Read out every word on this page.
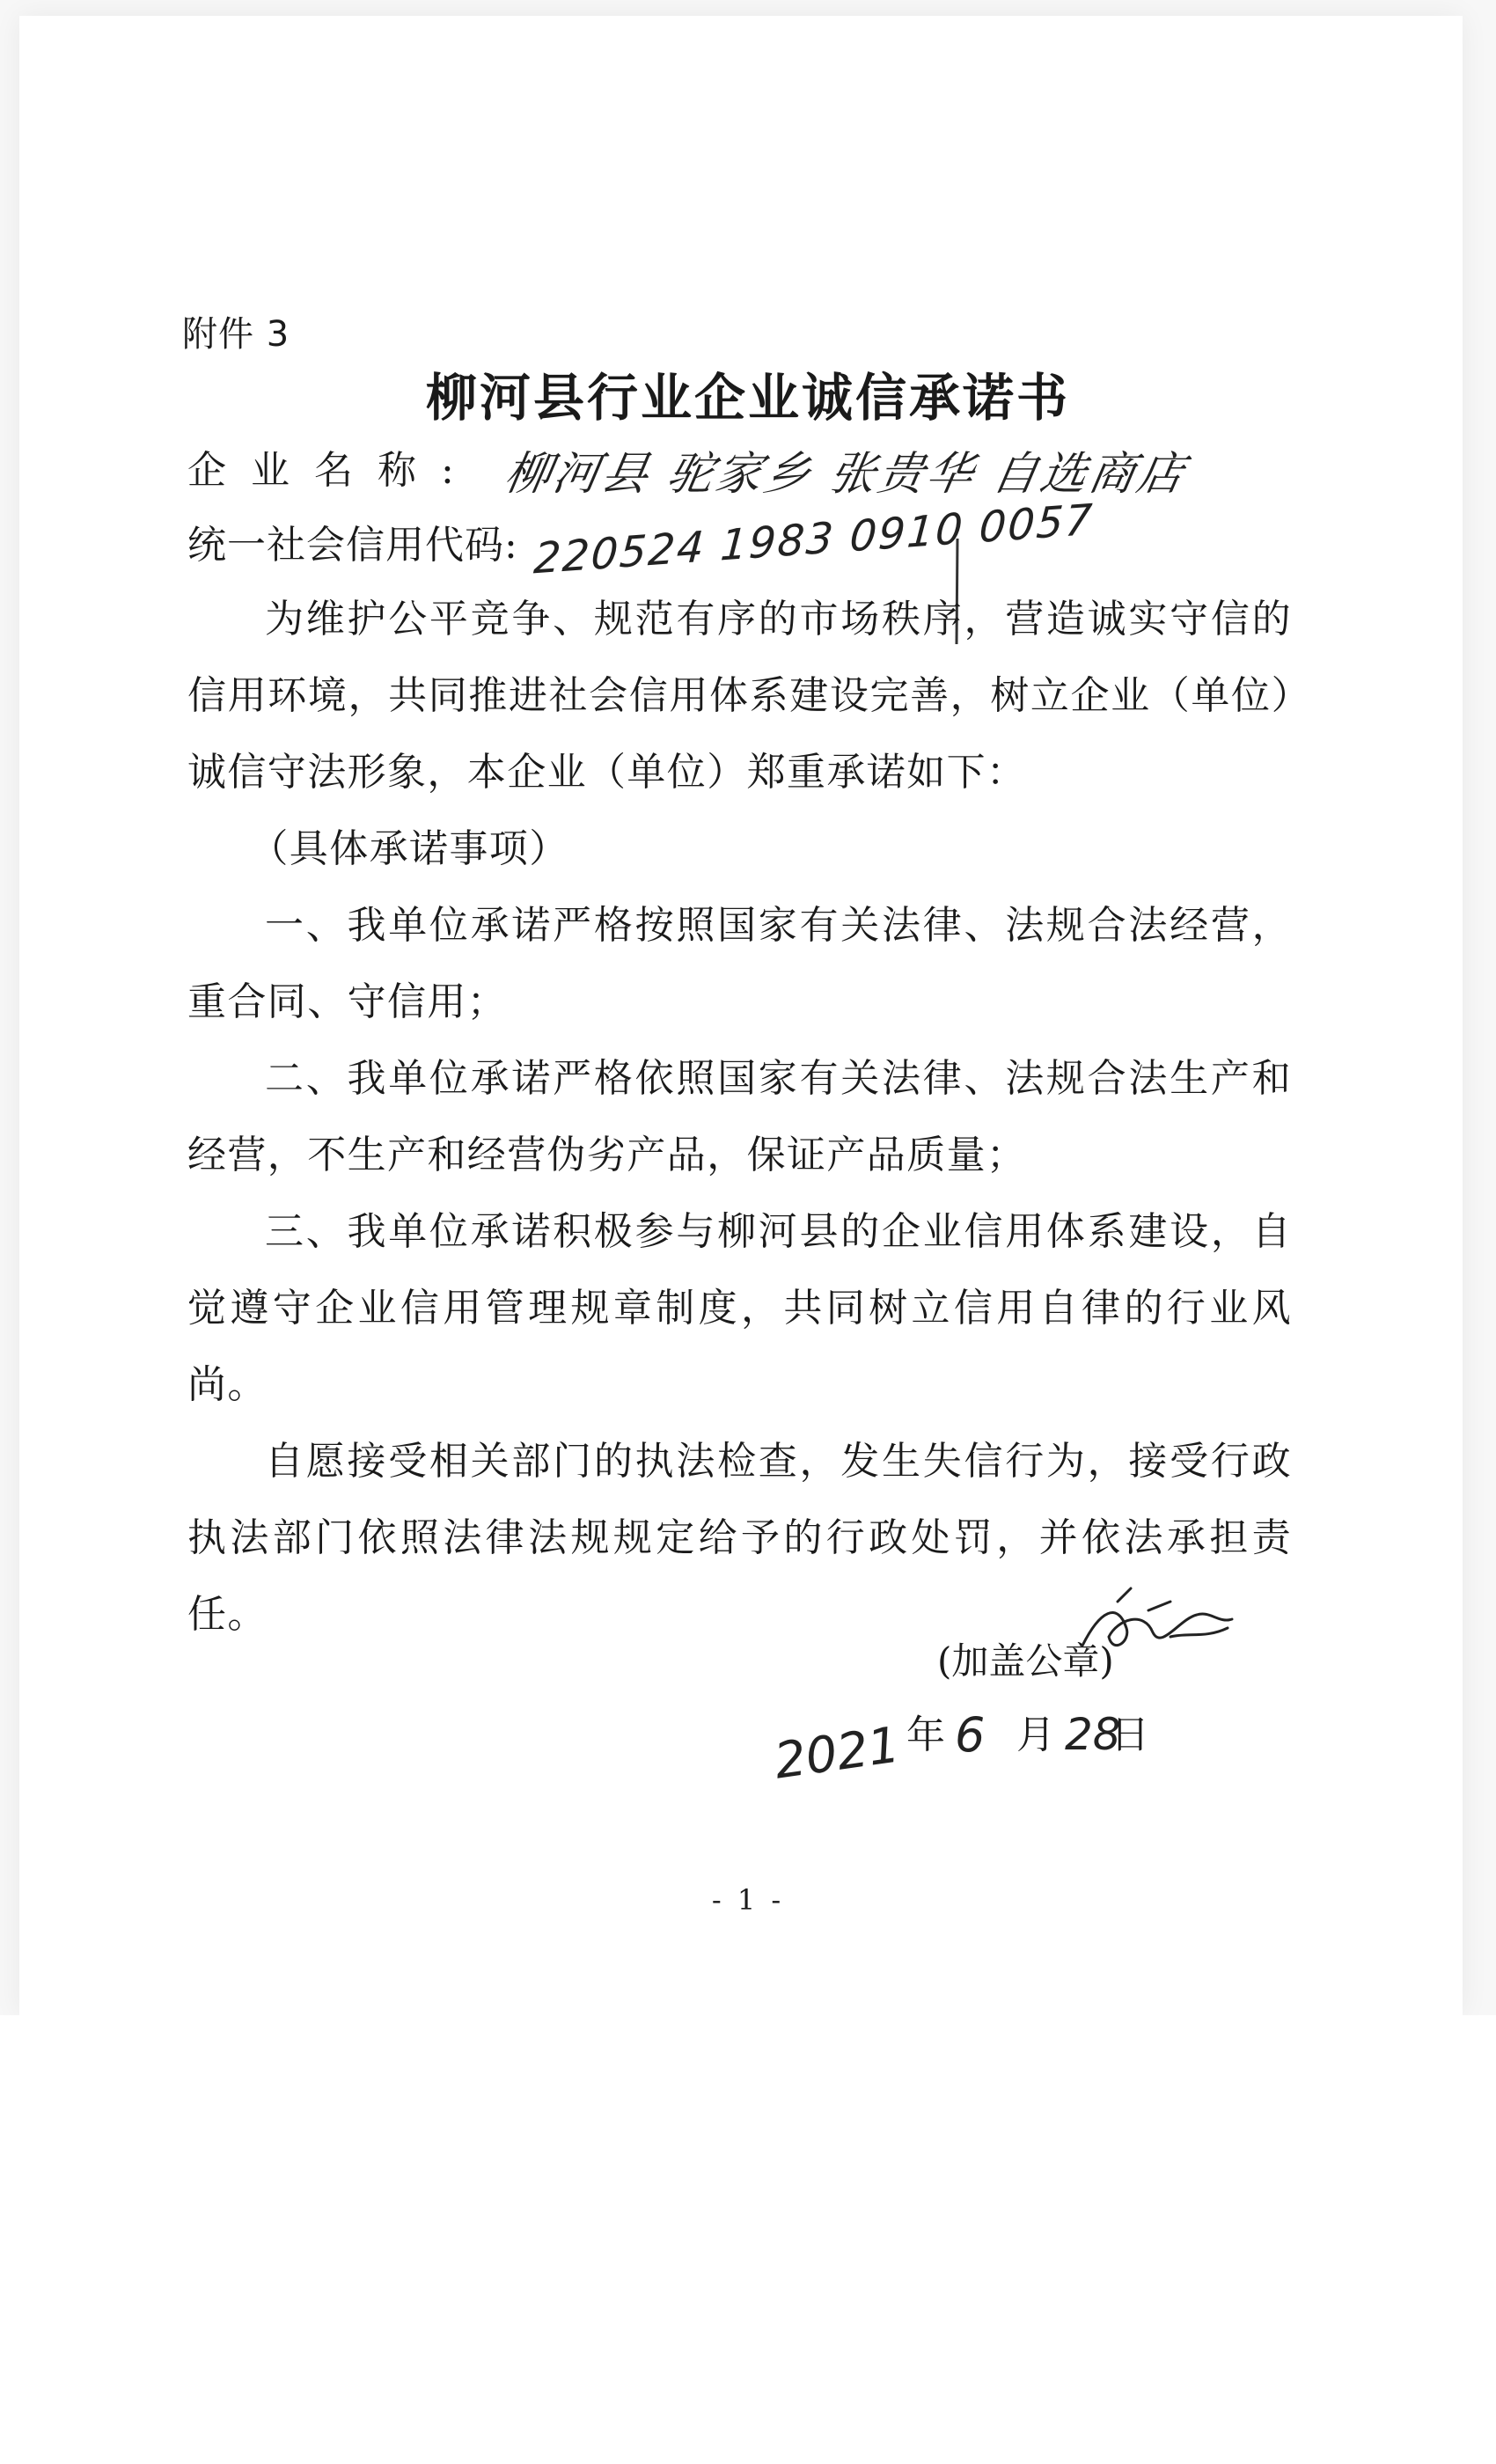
附件 3
柳河县行业企业诚信承诺书
企业名称: 柳河县 驼家乡 张贵华 自选商店
统一社会信用代码: 220524 1983 0910 0057

为维护公平竞争、规范有序的市场秩序，营造诚实守信的信用环境，共同推进社会信用体系建设完善，树立企业（单位）诚信守法形象，本企业（单位）郑重承诺如下：

（具体承诺事项）

一、我单位承诺严格按照国家有关法律、法规合法经营，重合同、守信用；

二、我单位承诺严格依照国家有关法律、法规合法生产和经营，不生产和经营伪劣产品，保证产品质量；

三、我单位承诺积极参与柳河县的企业信用体系建设，自觉遵守企业信用管理规章制度，共同树立信用自律的行业风尚。

自愿接受相关部门的执法检查，发生失信行为，接受行政执法部门依照法律法规规定给予的行政处罚，并依法承担责任。

(加盖公章)
2021 年 6 月 28
日
- 1 -
